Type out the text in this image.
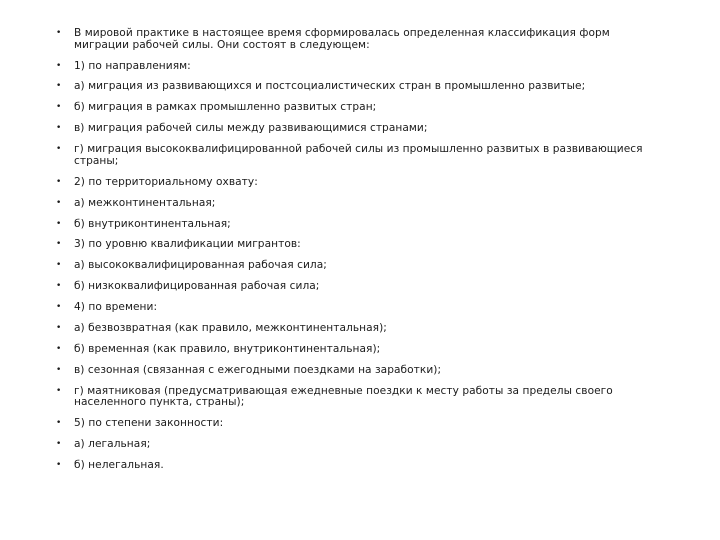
•	В мировой практике в настоящее время сформировалась определенная классификация форм миграции рабочей силы. Они состоят в следующем:
•	1) по направлениям:
•	а) миграция из развивающихся и постсоциалистических стран в промышленно развитые;
•	б) миграция в рамках промышленно развитых стран;
•	в) миграция рабочей силы между развивающимися странами;
•	г) миграция высококвалифицированной рабочей силы из промышленно развитых в развивающиеся страны;
•	2) по территориальному охвату:
•	а) межконтинентальная;
•	б) внутриконтинентальная;
•	3) по уровню квалификации мигрантов:
•	а) высококвалифицированная рабочая сила;
•	б) низкоквалифицированная рабочая сила;
•	4) по времени:
•	а) безвозвратная (как правило, межконтинентальная);
•	б) временная (как правило, внутриконтинентальная);
•	в) сезонная (связанная с ежегодными поездками на заработки);
•	г) маятниковая (предусматривающая ежедневные поездки к месту работы за пределы своего населенного пункта, страны);
•	5) по степени законности:
•	а) легальная;
•	б) нелегальная.
